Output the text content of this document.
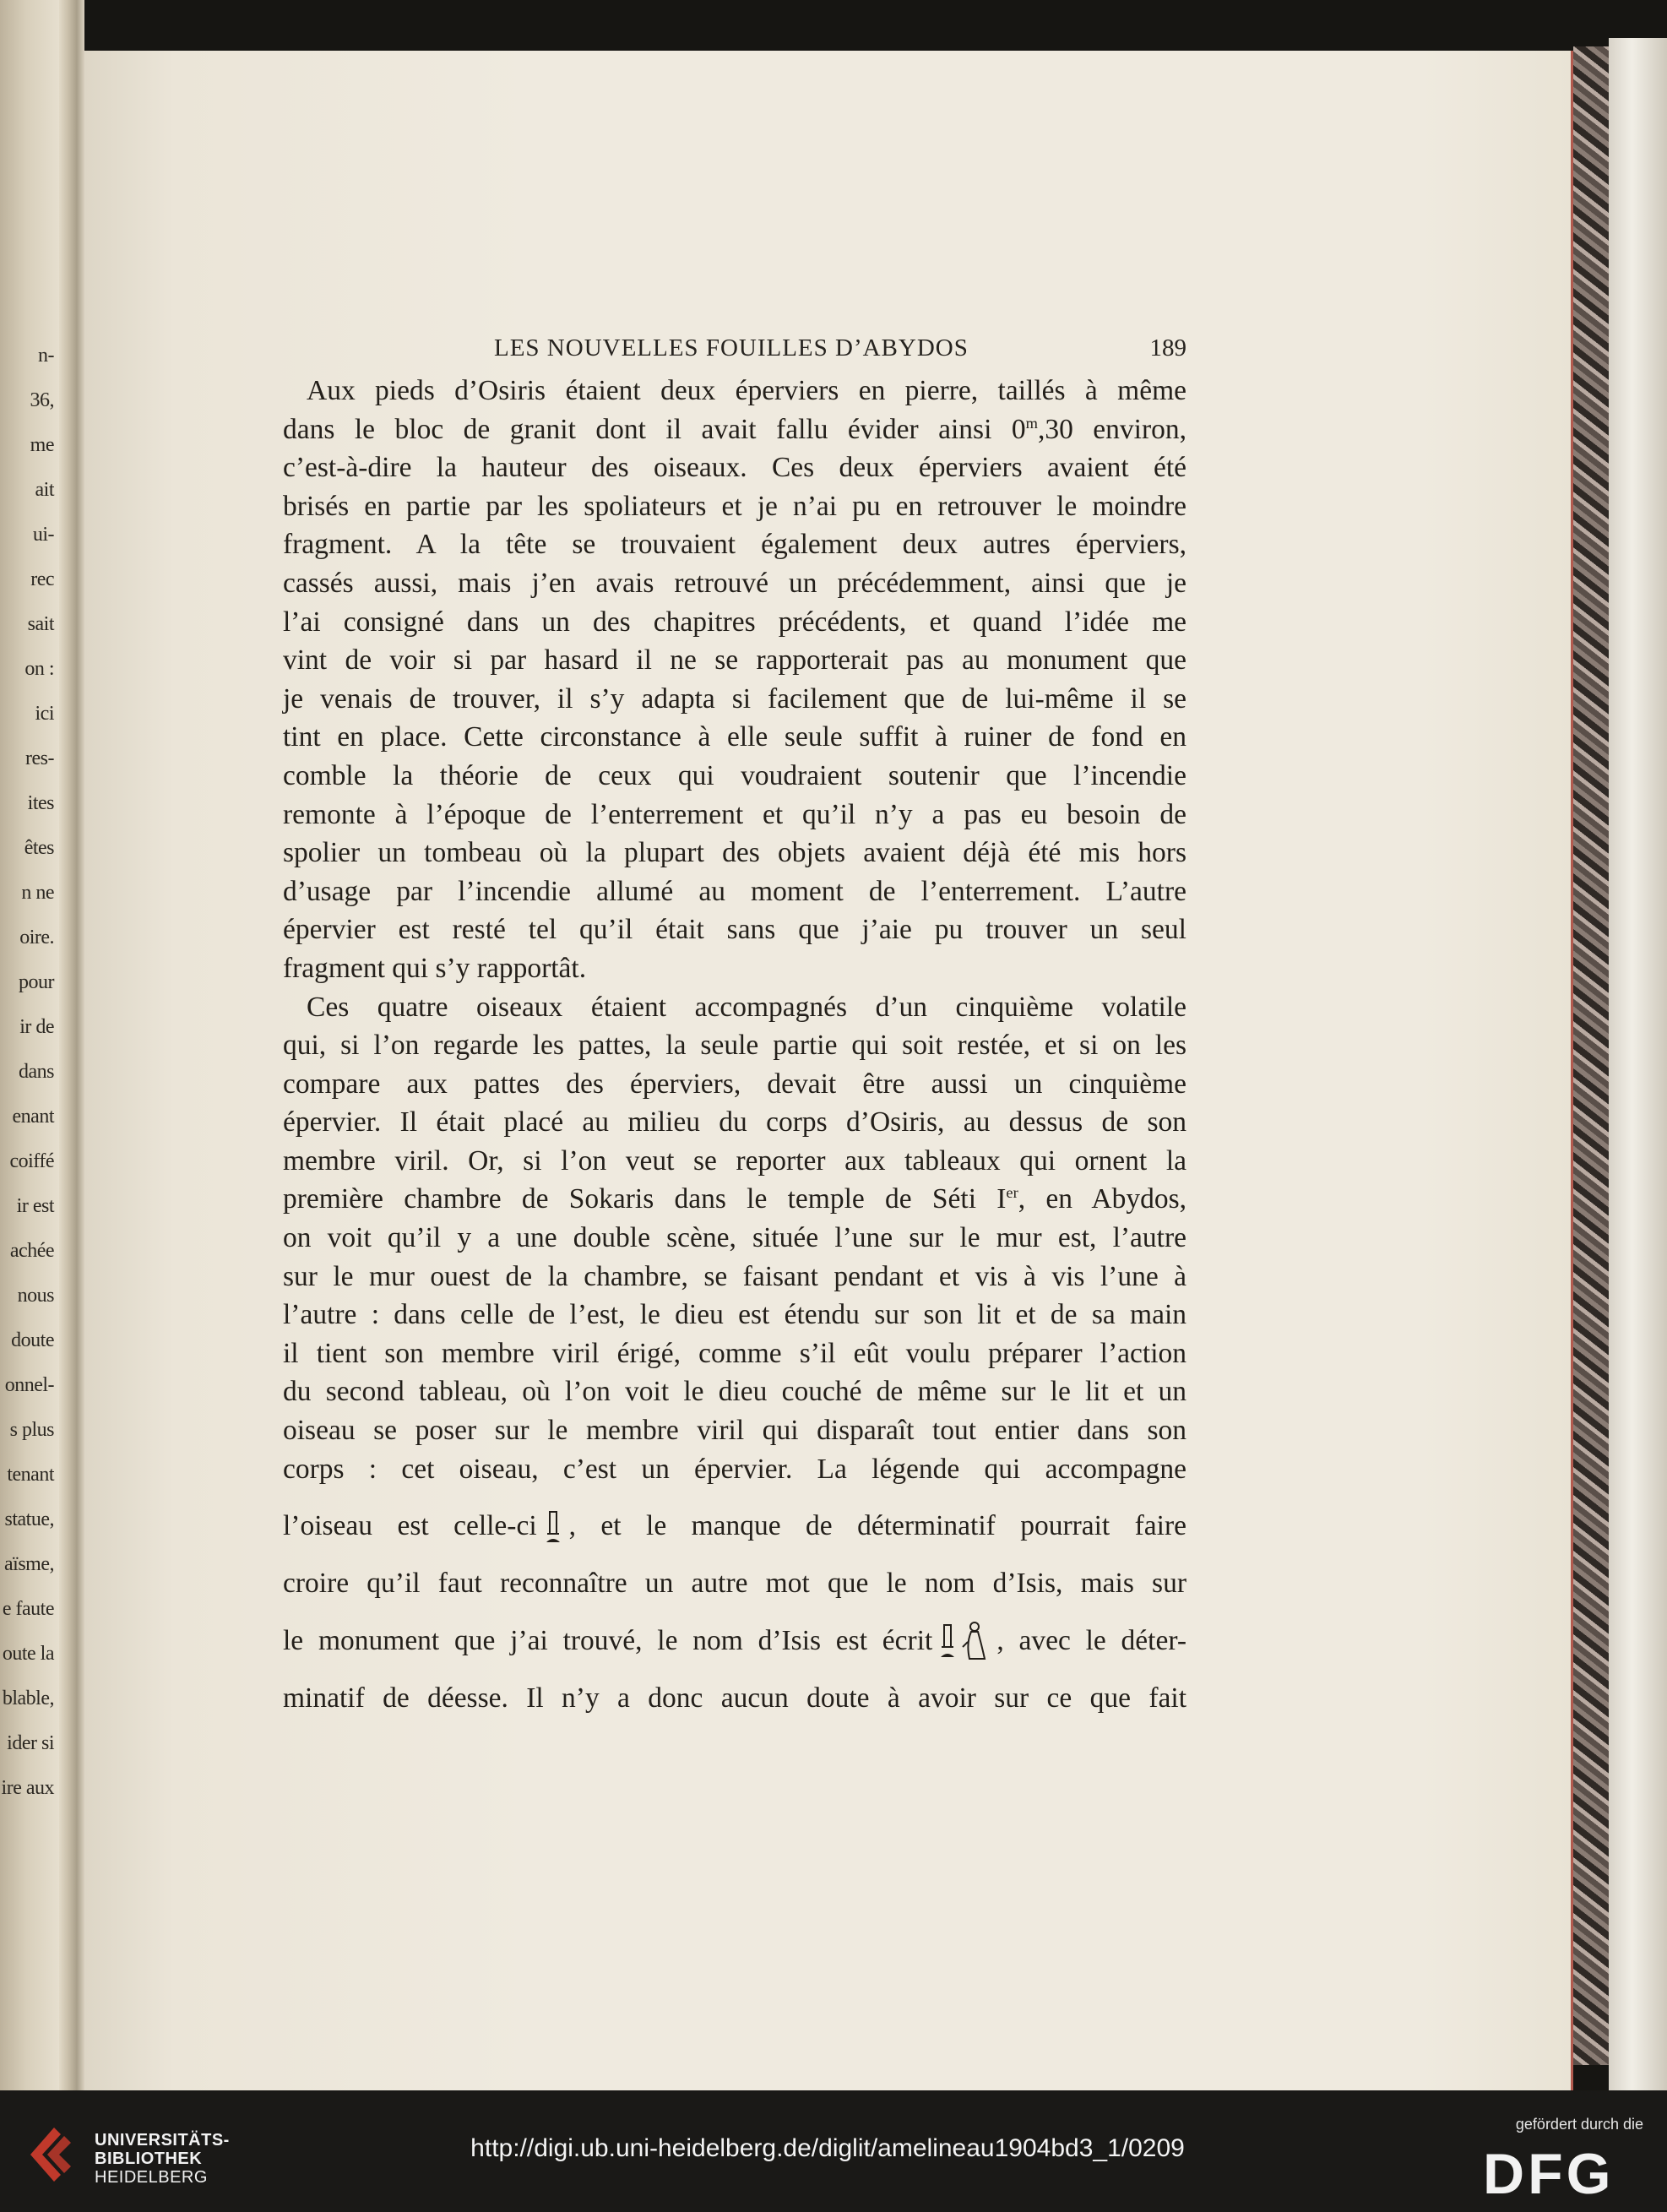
n-
36,
me
ait
ui-
rec
sait
on :
ici
res-
ites
êtes
n ne
oire.
pour
ir de
dans
enant
coiffé
ir est
achée
nous
doute
onnel-
s plus
tenant
statue,
aïsme,
e faute
oute la
blable,
ider si
ire aux
LES NOUVELLES FOUILLES D’ABYDOS	189
Aux pieds d’Osiris étaient deux éperviers en pierre, taillés à même
dans le bloc de granit dont il avait fallu évider ainsi 0$^m$,30 environ,
c’est-à-dire la hauteur des oiseaux. Ces deux éperviers avaient été
brisés en partie par les spoliateurs et je n’ai pu en retrouver le moindre
fragment. A la tête se trouvaient également deux autres éperviers,
cassés aussi, mais j’en avais retrouvé un précédemment, ainsi que je
l’ai consigné dans un des chapitres précédents, et quand l’idée me
vint de voir si par hasard il ne se rapporterait pas au monument que
je venais de trouver, il s’y adapta si facilement que de lui-même il se
tint en place. Cette circonstance à elle seule suffit à ruiner de fond en
comble la théorie de ceux qui voudraient soutenir que l’incendie
remonte à l’époque de l’enterrement et qu’il n’y a pas eu besoin de
spolier un tombeau où la plupart des objets avaient déjà été mis hors
d’usage par l’incendie allumé au moment de l’enterrement. L’autre
épervier est resté tel qu’il était sans que j’aie pu trouver un seul
fragment qui s’y rapportât.
Ces quatre oiseaux étaient accompagnés d’un cinquième volatile
qui, si l’on regarde les pattes, la seule partie qui soit restée, et si on les
compare aux pattes des éperviers, devait être aussi un cinquième
épervier. Il était placé au milieu du corps d’Osiris, au dessus de son
membre viril. Or, si l’on veut se reporter aux tableaux qui ornent la
première chambre de Sokaris dans le temple de Séti Ier, en Abydos,
on voit qu’il y a une double scène, située l’une sur le mur est, l’autre
sur le mur ouest de la chambre, se faisant pendant et vis à vis l’une à
l’autre : dans celle de l’est, le dieu est étendu sur son lit et de sa main
il tient son membre viril érigé, comme s’il eût voulu préparer l’action
du second tableau, où l’on voit le dieu couché de même sur le lit et un
oiseau se poser sur le membre viril qui disparaît tout entier dans son
corps : cet oiseau, c’est un épervier. La légende qui accompagne
l’oiseau est celle-ci , et le manque de déterminatif pourrait faire
croire qu’il faut reconnaître un autre mot que le nom d’Isis, mais sur
le monument que j’ai trouvé, le nom d’Isis est écrit , avec le déter-
minatif de déesse. Il n’y a donc aucun doute à avoir sur ce que fait
UNIVERSITÄTS-
BIBLIOTHEK
HEIDELBERG
http://digi.ub.uni-heidelberg.de/diglit/amelineau1904bd3_1/0209
gefördert durch die
DFG
